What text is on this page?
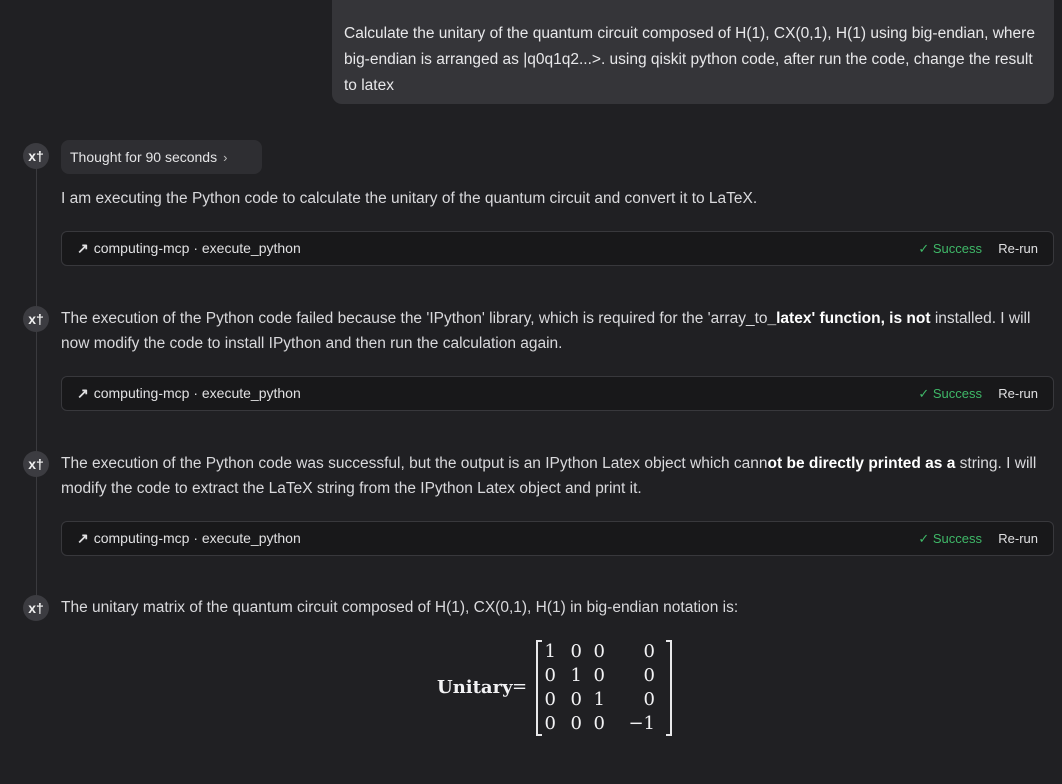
Calculate the unitary of the quantum circuit composed of H(1), CX(0,1), H(1) using big-endian, where big-endian is arranged as |q0q1q2...>. using qiskit python code, after run the code, change the result to latex
x†	Thought for 90 seconds ›
I am executing the Python code to calculate the unitary of the quantum circuit and convert it to LaTeX.
↗ computing-mcp · execute_python	✓ Success Re-run
x† The execution of the Python code failed because the 'IPython' library, which is required for the 'array_to_latex' function, is not installed. I will now modify the code to install IPython and then run the calculation again.
↗ computing-mcp · execute_python	✓ Success Re-run
x† The execution of the Python code was successful, but the output is an IPython Latex object which cannot be directly printed as a string. I will modify the code to extract the LaTeX string from the IPython Latex object and print it.
↗ computing-mcp · execute_python	✓ Success Re-run
x† The unitary matrix of the quantum circuit composed of H(1), CX(0,1), H(1) in big-endian notation is:
Unitary =
1 0 0	0
0 1 0	0
0 0 1	0
0 0 0 −1
